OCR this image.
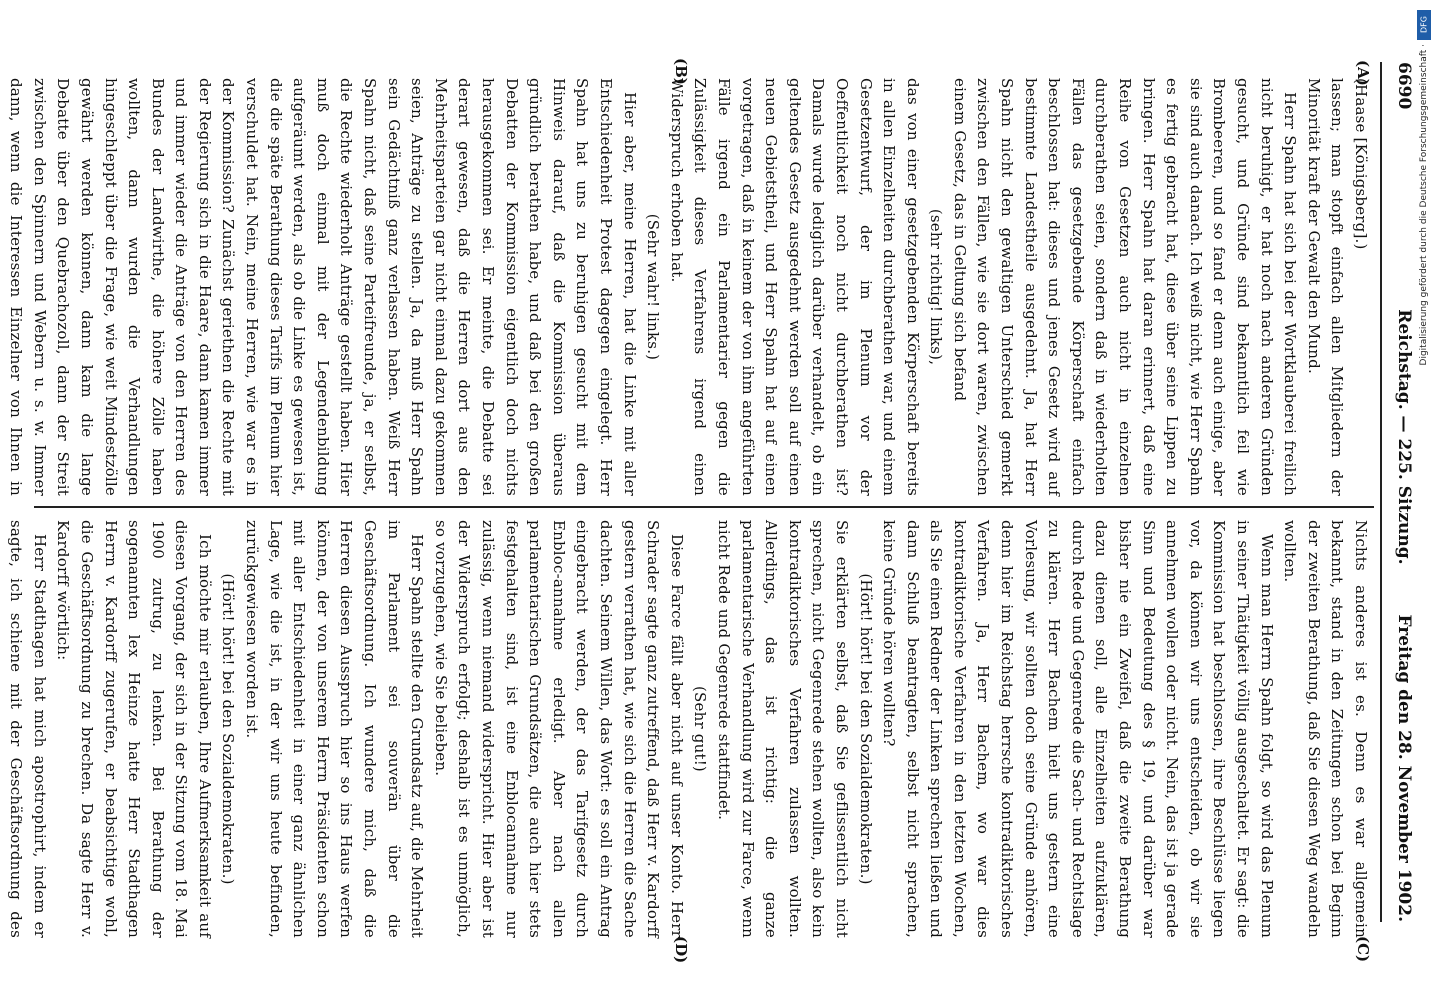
6690
Reichstag. — 225. Sitzung.
Freitag den 28. November 1902.
(A)
(B)
(C)
(D)

(Haase [Königsberg].)

lassen; man stopft einfach allen Mitgliedern der Minorität kraft der Gewalt den Mund.

Herr Spahn hat sich bei der Wortklauberei freilich nicht beruhigt, er hat noch nach anderen Gründen gesucht, und Gründe sind bekanntlich feil wie Brombeeren, und so fand er denn auch einige, aber sie sind auch danach. Ich weiß nicht, wie Herr Spahn es fertig gebracht hat, diese über seine Lippen zu bringen. Herr Spahn hat daran erinnert, daß eine Reihe von Gesetzen auch nicht in einzelnen durchberathen seien, sondern daß in wiederholten Fällen das gesetzgebende Körperschaft einfach beschlossen hat: dieses und jenes Gesetz wird auf bestimmte Landestheile ausgedehnt. Ja, hat Herr Spahn nicht den gewaltigen Unterschied gemerkt zwischen den Fällen, wie sie dort waren, zwischen einem Gesetz, das in Geltung sich befand

(sehr richtig! links),

das von einer gesetzgebenden Körperschaft bereits in allen Einzelheiten durchberathen war, und einem Gesetzentwurf, der im Plenum vor der Oeffentlichkeit noch nicht durchberathen ist? Damals wurde lediglich darüber verhandelt, ob ein geltendes Gesetz ausgedehnt werden soll auf einen neuen Gebietstheil, und Herr Spahn hat auf einen vorgetragen, daß in keinem der von ihm angeführten Fälle irgend ein Parlamentarier gegen die Zulässigkeit dieses Verfahrens irgend einen Widerspruch erhoben hat.

(Sehr wahr! links.)

Hier aber, meine Herren, hat die Linke mit aller Entschiedenheit Protest dagegen eingelegt. Herr Spahn hat uns zu beruhigen gesucht mit dem Hinweis darauf, daß die Kommission überaus gründlich berathen habe, und daß bei den großen Debatten der Kommission eigentlich doch nichts herausgekommen sei. Er meinte, die Debatte sei derart gewesen, daß die Herren dort aus den Mehrheitsparteien gar nicht einmal dazu gekommen seien, Anträge zu stellen. Ja, da muß Herr Spahn sein Gedächtniß ganz verlassen haben. Weiß Herr Spahn nicht, daß seine Parteifreunde, ja, er selbst, die Rechte wiederholt Anträge gestellt haben. Hier muß doch einmal mit der Legendenbildung aufgeräumt werden, als ob die Linke es gewesen ist, die die späte Berathung dieses Tarifs im Plenum hier verschuldet hat. Nein, meine Herren, wie war es in der Kommission? Zunächst geriethen die Rechte mit der Regierung sich in die Haare, dann kamen immer und immer wieder die Anträge von den Herren des Bundes der Landwirthe, die höhere Zölle haben wollten, dann wurden die Verhandlungen hingeschleppt über die Frage, wie weit Mindestzölle gewährt werden können, dann kam die lange Debatte über den Quebrachozoll, dann der Streit zwischen den Spinnern und Webern u. s. w. Immer dann, wenn die Interessen Einzelner von Ihnen in

Nichts anderes ist es. Denn es war allgemein bekannt, stand in den Zeitungen schon bei Beginn der zweiten Berathung, daß Sie diesen Weg wandeln wollten.

Wenn man Herrn Spahn folgt, so wird das Plenum in seiner Thätigkeit völlig ausgeschaltet. Er sagt: die Kommission hat beschlossen, ihre Beschlüsse liegen vor, da können wir uns entscheiden, ob wir sie annehmen wollen oder nicht. Nein, das ist ja gerade Sinn und Bedeutung des § 19, und darüber war bisher nie ein Zweifel, daß die zweite Berathung dazu dienen soll, alle Einzelheiten aufzuklären, durch Rede und Gegenrede die Sach- und Rechtslage zu klären. Herr Bachem hielt uns gestern eine Vorlesung, wir sollten doch seine Gründe anhören, denn hier im Reichstag herrsche kontradiktorisches Verfahren. Ja, Herr Bachem, wo war dies kontradiktorische Verfahren in den letzten Wochen, als Sie einen Redner der Linken sprechen ließen und dann Schluß beantragten, selbst nicht sprachen, keine Gründe hören wollten?

(Hört! hört! bei den Sozialdemokraten.)

Sie erklärten selbst, daß Sie geflissentlich nicht sprechen, nicht Gegenrede stehen wollten, also kein kontradiktorisches Verfahren zulassen wollten. Allerdings, das ist richtig: die ganze parlamentarische Verhandlung wird zur Farce, wenn nicht Rede und Gegenrede stattfindet.

(Sehr gut!)

Diese Farce fällt aber nicht auf unser Konto. Herr Schrader sagte ganz zutreffend, daß Herr v. Kardorff gestern verrathen hat, wie sich die Herren die Sache dachten. Seinem Willen, das Wort: es soll ein Antrag eingebracht werden, der das Tarifgesetz durch Enbloc-annahme erledigt. Aber nach allen parlamentarischen Grundsätzen, die auch hier stets festgehalten sind, ist eine Enblocannahme nur zulässig, wenn niemand widerspricht. Hier aber ist der Widerspruch erfolgt; deshalb ist es unmöglich, so vorzugehen, wie Sie belieben.

Herr Spahn stellte den Grundsatz auf, die Mehrheit im Parlament sei souverän über die Geschäftsordnung. Ich wundere mich, daß die Herren diesen Ausspruch hier so ins Haus werfen können, der von unserem Herrn Präsidenten schon mit aller Entschiedenheit in einer ganz ähnlichen Lage, wie die ist, in der wir uns heute befinden, zurückgewiesen worden ist.

(Hört! hört! bei den Sozialdemokraten.)

Ich möchte mir erlauben, Ihre Aufmerksamkeit auf diesen Vorgang, der sich in der Sitzung vom 18. Mai 1900 zutrug, zu lenken. Bei Berathung der sogenannten lex Heinze hatte Herr Stadthagen Herrn v. Kardorff zugerufen, er beabsichtige wohl, die Geschäftsordnung zu brechen. Da sagte Herr v. Kardorff wörtlich:

Herr Stadthagen hat mich apostrophirt, indem er sagte, ich schiene mit der Geschäftsordnung des

DFG
Digitalisierung gefördert durch die Deutsche Forschungsgemeinschaft ·
